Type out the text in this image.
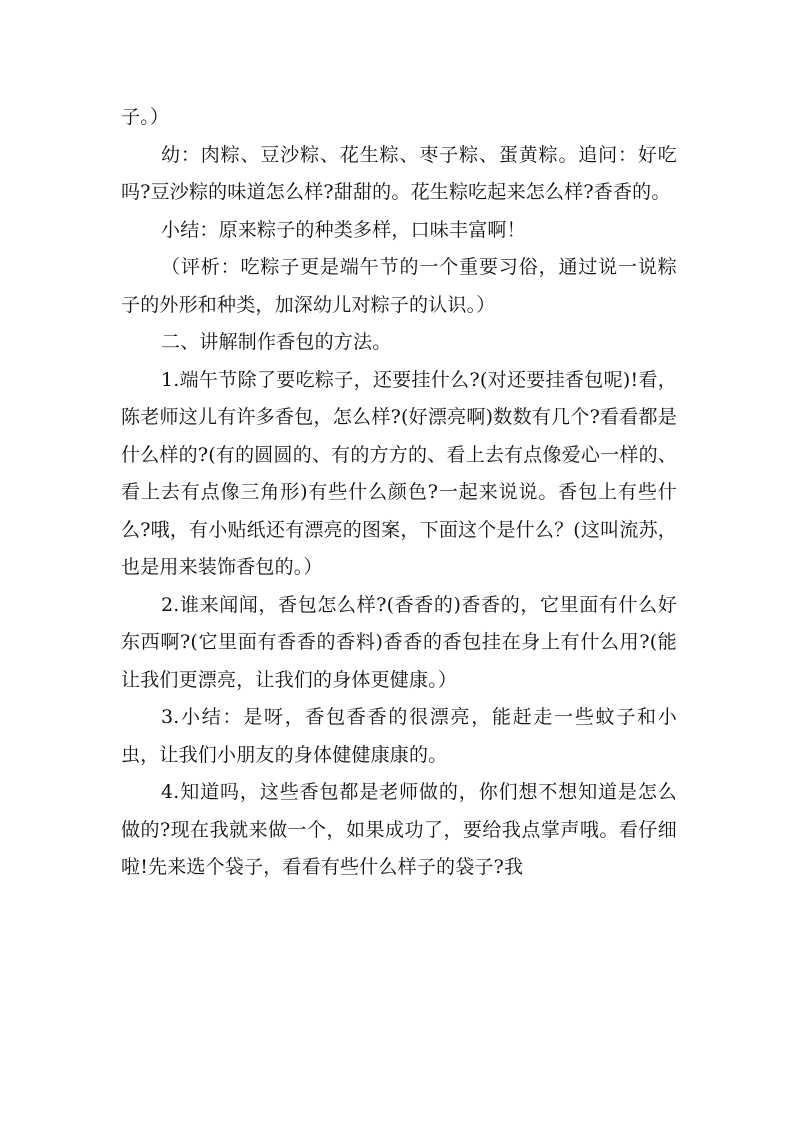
子。）

幼：肉粽、豆沙粽、花生粽、枣子粽、蛋黄粽。追问：好吃吗?豆沙粽的味道怎么样?甜甜的。花生粽吃起来怎么样?香香的。

小结：原来粽子的种类多样，口味丰富啊！

（评析：吃粽子更是端午节的一个重要习俗，通过说一说粽子的外形和种类，加深幼儿对粽子的认识。）

二、讲解制作香包的方法。

1.端午节除了要吃粽子，还要挂什么?(对还要挂香包呢)!看，陈老师这儿有许多香包，怎么样?(好漂亮啊)数数有几个?看看都是什么样的?(有的圆圆的、有的方方的、看上去有点像爱心一样的、看上去有点像三角形)有些什么颜色?一起来说说。香包上有些什么?哦，有小贴纸还有漂亮的图案，下面这个是什么？(这叫流苏，也是用来装饰香包的。）

2.谁来闻闻，香包怎么样?(香香的)香香的，它里面有什么好东西啊?(它里面有香香的香料)香香的香包挂在身上有什么用?(能让我们更漂亮，让我们的身体更健康。）

3.小结：是呀，香包香香的很漂亮，能赶走一些蚊子和小虫，让我们小朋友的身体健健康康的。

4.知道吗，这些香包都是老师做的，你们想不想知道是怎么做的?现在我就来做一个，如果成功了，要给我点掌声哦。看仔细啦!先来选个袋子，看看有些什么样子的袋子?我
